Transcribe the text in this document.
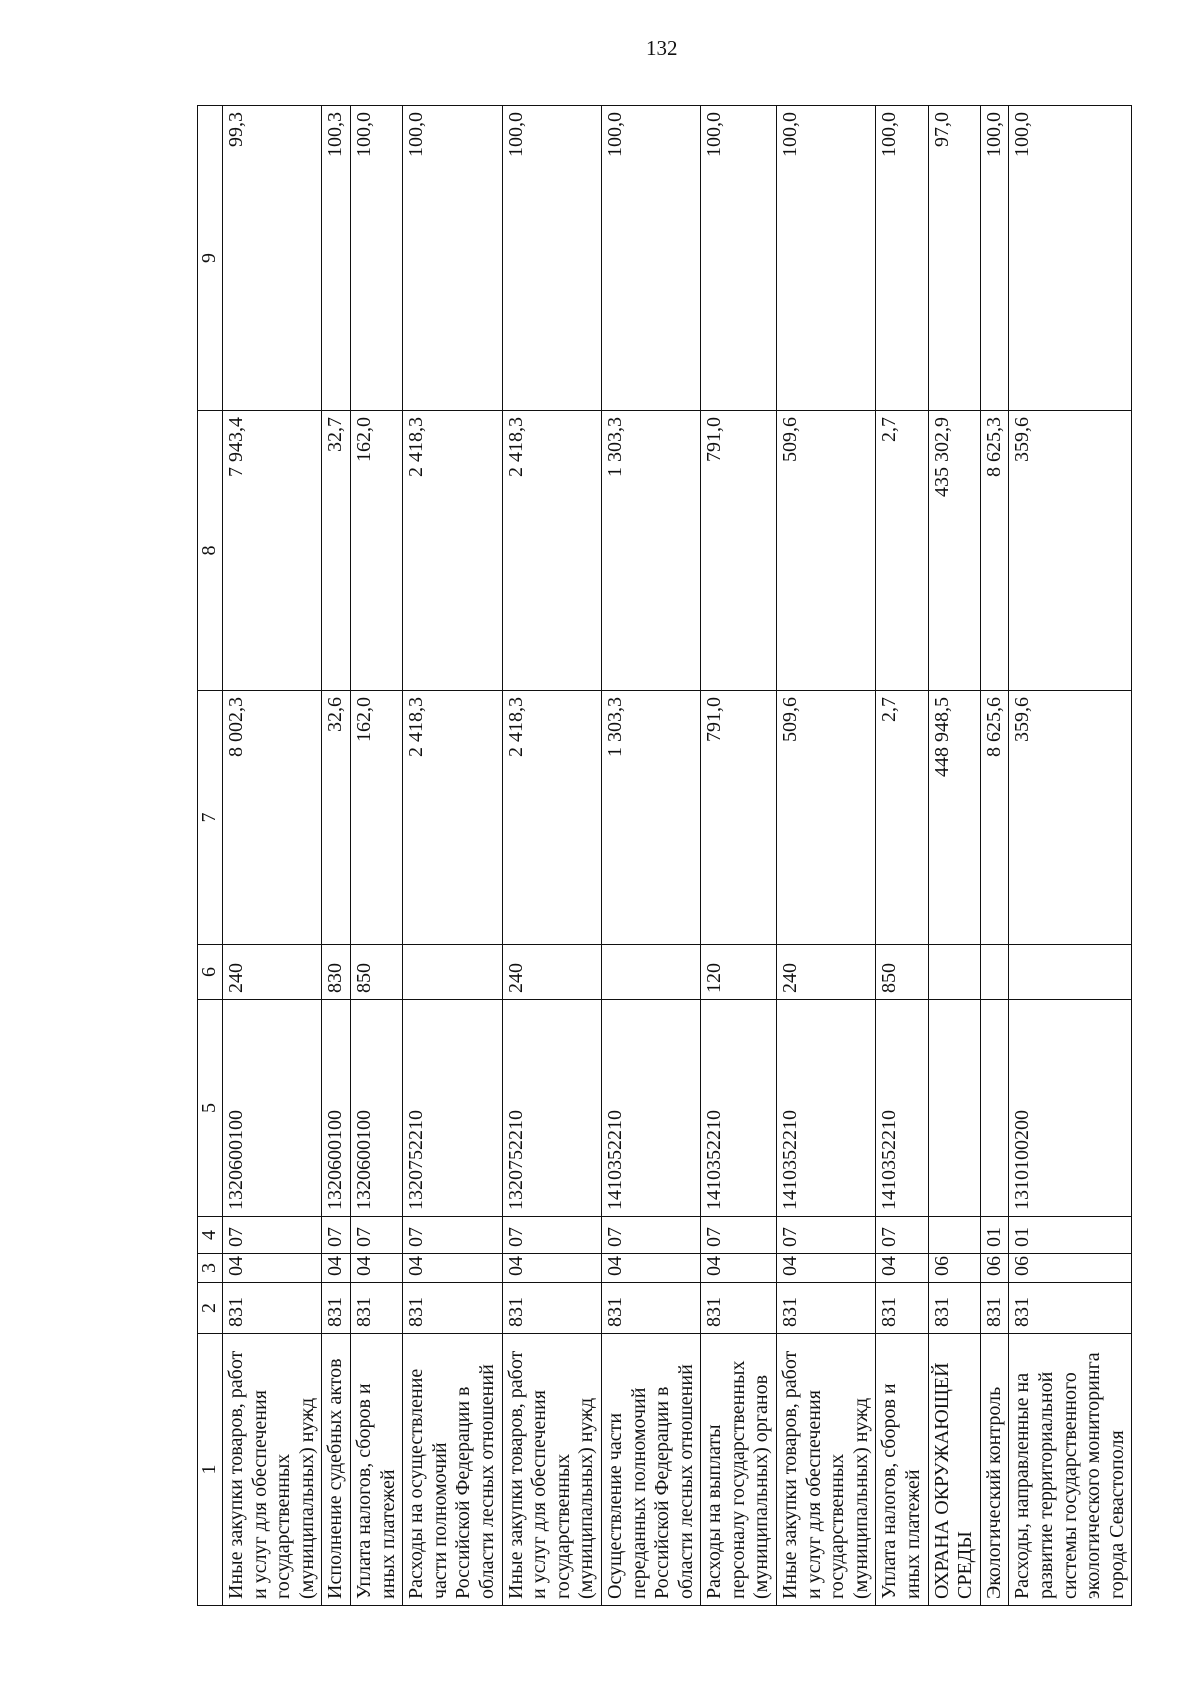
132
1	2	3	4	5	6	7	8	9
Иные закупки товаров, работ и услуг для обеспечения государственных (муниципальных) нужд	831	04	07	1320600100	240	8 002,3	7 943,4	99,3
Исполнение судебных актов	831	04	07	1320600100	830	32,6	32,7	100,3
Уплата налогов, сборов и иных платежей	831	04	07	1320600100	850	162,0	162,0	100,0
Расходы на осуществление части полномочий Российской Федерации в области лесных отношений	831	04	07	1320752210		2 418,3	2 418,3	100,0
Иные закупки товаров, работ и услуг для обеспечения государственных (муниципальных) нужд	831	04	07	1320752210	240	2 418,3	2 418,3	100,0
Осуществление части переданных полномочий Российской Федерации в области лесных отношений	831	04	07	1410352210		1 303,3	1 303,3	100,0
Расходы на выплаты персоналу государственных (муниципальных) органов	831	04	07	1410352210	120	791,0	791,0	100,0
Иные закупки товаров, работ и услуг для обеспечения государственных (муниципальных) нужд	831	04	07	1410352210	240	509,6	509,6	100,0
Уплата налогов, сборов и иных платежей	831	04	07	1410352210	850	2,7	2,7	100,0
ОХРАНА ОКРУЖАЮЩЕЙ СРЕДЫ	831	06				448 948,5	435 302,9	97,0
Экологический контроль	831	06	01			8 625,6	8 625,3	100,0
Расходы, направленные на развитие территориальной системы государственного экологического мониторинга города Севастополя	831	06	01	1310100200		359,6	359,6	100,0
